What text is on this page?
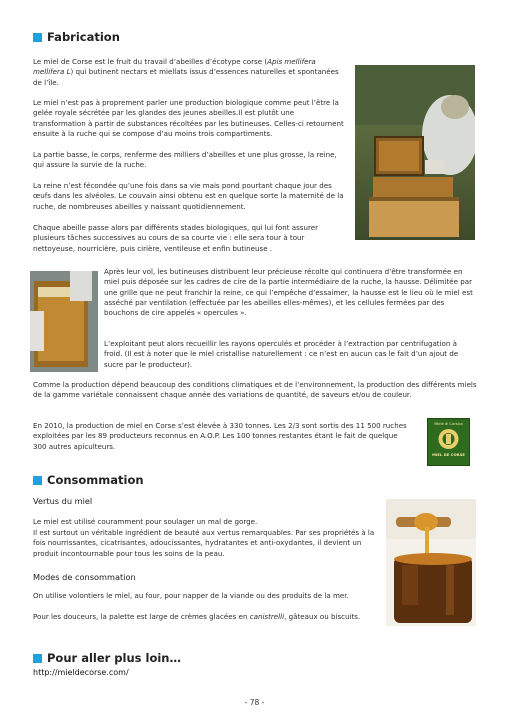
Fabrication

Le miel de Corse est le fruit du travail d’abeilles d’écotype corse (Apis mellifera mellifera L) qui butinent nectars et miellats issus d’essences naturelles et spontanées de l’île.

Le miel n’est pas à proprement parler une production biologique comme peut l’être la gelée royale sécrétée par les glandes des jeunes abeilles.Il est plutôt une transformation à partir de substances récoltées par les butineuses. Celles-ci retournent ensuite à la ruche qui se compose d’au moins trois compartiments.

La partie basse, le corps, renferme des milliers d’abeilles et une plus grosse, la reine, qui assure la survie de la ruche.

La reine n’est fécondée qu’une fois dans sa vie mais pond pourtant chaque jour des œufs dans les alvéoles. Le couvain ainsi obtenu est en quelque sorte la maternité de la ruche, de nombreuses abeilles y naissant quotidiennement.

Chaque abeille passe alors par différents stades biologiques, qui lui font assurer plusieurs tâches successives au cours de sa courte vie : elle sera tour à tour nettoyeuse, nourricière, puis cirière, ventileuse et enfin butineuse .

Après leur vol, les butineuses distribuent leur précieuse récolte qui continuera d’être transformée en miel puis déposée sur les cadres de cire de la partie intermédiaire de la ruche, la hausse. Délimitée par une grille que ne peut franchir la reine, ce qui l’empêche d’essaimer, la hausse est le lieu où le miel est asséché par ventilation (effectuée par les abeilles elles-mêmes), et les cellules fermées par des bouchons de cire appelés « opercules ».

L’exploitant peut alors recueillir les rayons operculés et procéder à l’extraction par centrifugation à froid. (Il est à noter que le miel cristallise naturellement : ce n’est en aucun cas le fait d’un ajout de sucre par le producteur).

Comme la production dépend beaucoup des conditions climatiques et de l’environnement, la production des différents miels de la gamme variétale connaissent chaque année des variations de quantité, de saveurs et/ou de couleur.

En 2010, la production de miel en Corse s’est élevée à 330 tonnes. Les 2/3 sont sortis des 11 500 ruches exploitées par les 89 producteurs reconnus en A.O.P. Les 100 tonnes restantes étant le fait de quelque 300 autres apiculteurs.

Miele di Corsica
MIEL DE CORSE
Consommation
Vertus du miel

Le miel est utilisé couramment pour soulager un mal de gorge.

Il est surtout un véritable ingrédient de beauté aux vertus remarquables. Par ses propriétés à la fois nourrissantes, cicatrisantes, adoucissantes, hydratantes et anti-oxydantes, il devient un produit incontournable pour tous les soins de la peau.

Modes de consommation

On utilise volontiers le miel, au four, pour napper de la viande ou des produits de la mer.

Pour les douceurs, la palette est large de crèmes glacées en canistrelli, gâteaux ou biscuits.

Pour aller plus loin…
http://mieldecorse.com/
- 78 -
